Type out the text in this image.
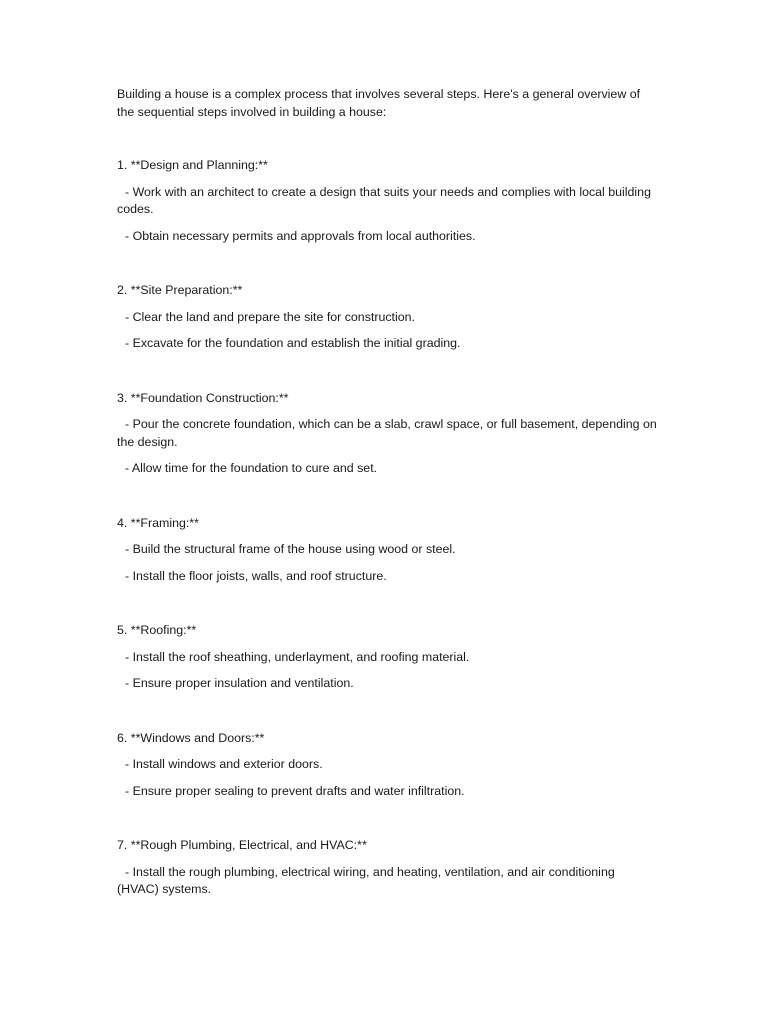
Building a house is a complex process that involves several steps. Here's a general overview of the sequential steps involved in building a house:

1. **Design and Planning:**

- Work with an architect to create a design that suits your needs and complies with local building codes.

- Obtain necessary permits and approvals from local authorities.

2. **Site Preparation:**

- Clear the land and prepare the site for construction.

- Excavate for the foundation and establish the initial grading.

3. **Foundation Construction:**

- Pour the concrete foundation, which can be a slab, crawl space, or full basement, depending on the design.

- Allow time for the foundation to cure and set.

4. **Framing:**

- Build the structural frame of the house using wood or steel.

- Install the floor joists, walls, and roof structure.

5. **Roofing:**

- Install the roof sheathing, underlayment, and roofing material.

- Ensure proper insulation and ventilation.

6. **Windows and Doors:**

- Install windows and exterior doors.

- Ensure proper sealing to prevent drafts and water infiltration.

7. **Rough Plumbing, Electrical, and HVAC:**

- Install the rough plumbing, electrical wiring, and heating, ventilation, and air conditioning (HVAC) systems.
